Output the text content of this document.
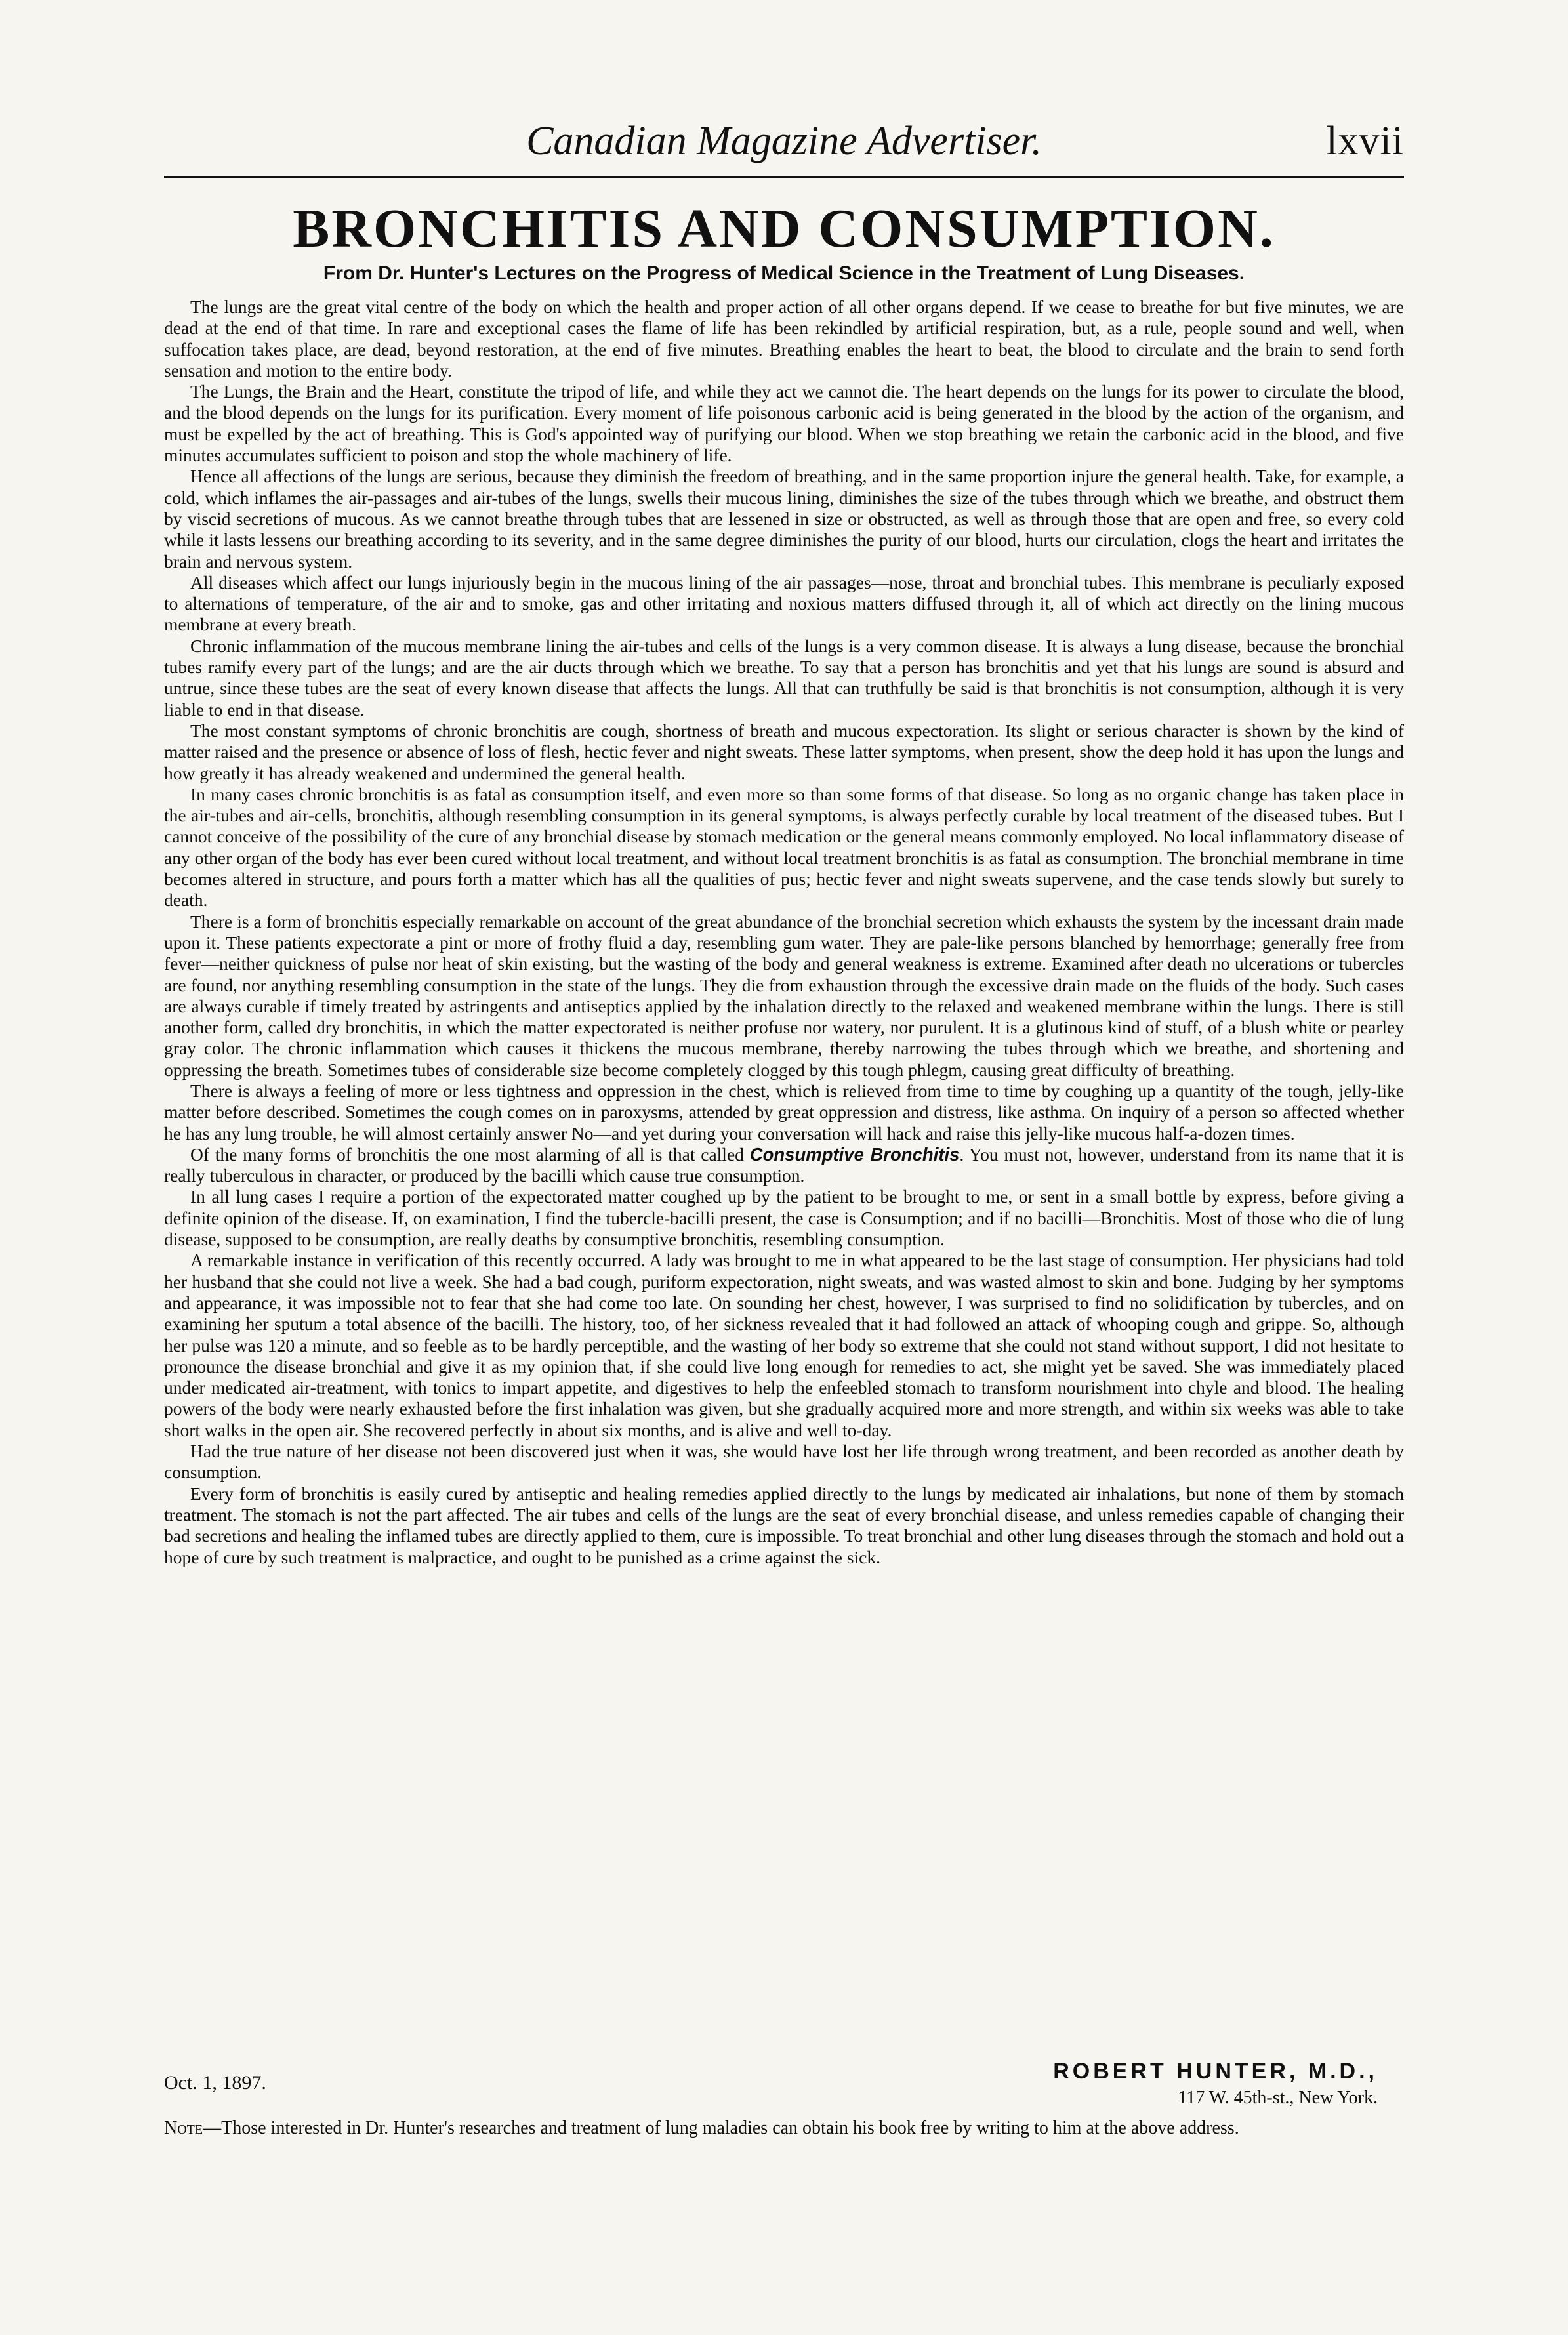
Canadian Magazine Advertiser.	lxvii
BRONCHITIS AND CONSUMPTION.
From Dr. Hunter's Lectures on the Progress of Medical Science in the Treatment of Lung Diseases.

The lungs are the great vital centre of the body on which the health and proper action of all other organs depend. If we cease to breathe for but five minutes, we are dead at the end of that time. In rare and exceptional cases the flame of life has been rekindled by artificial respiration, but, as a rule, people sound and well, when suffocation takes place, are dead, beyond restoration, at the end of five minutes. Breathing enables the heart to beat, the blood to circulate and the brain to send forth sensation and motion to the entire body.

The Lungs, the Brain and the Heart, constitute the tripod of life, and while they act we cannot die. The heart depends on the lungs for its power to circulate the blood, and the blood depends on the lungs for its purification. Every moment of life poisonous carbonic acid is being generated in the blood by the action of the organism, and must be expelled by the act of breathing. This is God's appointed way of purifying our blood. When we stop breathing we retain the carbonic acid in the blood, and five minutes accumulates sufficient to poison and stop the whole machinery of life.

Hence all affections of the lungs are serious, because they diminish the freedom of breathing, and in the same proportion injure the general health. Take, for example, a cold, which inflames the air-passages and air-tubes of the lungs, swells their mucous lining, diminishes the size of the tubes through which we breathe, and obstruct them by viscid secretions of mucous. As we cannot breathe through tubes that are lessened in size or obstructed, as well as through those that are open and free, so every cold while it lasts lessens our breathing according to its severity, and in the same degree diminishes the purity of our blood, hurts our circulation, clogs the heart and irritates the brain and nervous system.

All diseases which affect our lungs injuriously begin in the mucous lining of the air passages—nose, throat and bronchial tubes. This membrane is peculiarly exposed to alternations of temperature, of the air and to smoke, gas and other irritating and noxious matters diffused through it, all of which act directly on the lining mucous membrane at every breath.

Chronic inflammation of the mucous membrane lining the air-tubes and cells of the lungs is a very common disease. It is always a lung disease, because the bronchial tubes ramify every part of the lungs; and are the air ducts through which we breathe. To say that a person has bronchitis and yet that his lungs are sound is absurd and untrue, since these tubes are the seat of every known disease that affects the lungs. All that can truthfully be said is that bronchitis is not consumption, although it is very liable to end in that disease.

The most constant symptoms of chronic bronchitis are cough, shortness of breath and mucous expectoration. Its slight or serious character is shown by the kind of matter raised and the presence or absence of loss of flesh, hectic fever and night sweats. These latter symptoms, when present, show the deep hold it has upon the lungs and how greatly it has already weakened and undermined the general health.

In many cases chronic bronchitis is as fatal as consumption itself, and even more so than some forms of that disease. So long as no organic change has taken place in the air-tubes and air-cells, bronchitis, although resembling consumption in its general symptoms, is always perfectly curable by local treatment of the diseased tubes. But I cannot conceive of the possibility of the cure of any bronchial disease by stomach medication or the general means commonly employed. No local inflammatory disease of any other organ of the body has ever been cured without local treatment, and without local treatment bronchitis is as fatal as consumption. The bronchial membrane in time becomes altered in structure, and pours forth a matter which has all the qualities of pus; hectic fever and night sweats supervene, and the case tends slowly but surely to death.

There is a form of bronchitis especially remarkable on account of the great abundance of the bronchial secretion which exhausts the system by the incessant drain made upon it. These patients expectorate a pint or more of frothy fluid a day, resembling gum water. They are pale-like persons blanched by hemorrhage; generally free from fever—neither quickness of pulse nor heat of skin existing, but the wasting of the body and general weakness is extreme. Examined after death no ulcerations or tubercles are found, nor anything resembling consumption in the state of the lungs. They die from exhaustion through the excessive drain made on the fluids of the body. Such cases are always curable if timely treated by astringents and antiseptics applied by the inhalation directly to the relaxed and weakened membrane within the lungs. There is still another form, called dry bronchitis, in which the matter expectorated is neither profuse nor watery, nor purulent. It is a glutinous kind of stuff, of a blush white or pearley gray color. The chronic inflammation which causes it thickens the mucous membrane, thereby narrowing the tubes through which we breathe, and shortening and oppressing the breath. Sometimes tubes of considerable size become completely clogged by this tough phlegm, causing great difficulty of breathing.

There is always a feeling of more or less tightness and oppression in the chest, which is relieved from time to time by coughing up a quantity of the tough, jelly-like matter before described. Sometimes the cough comes on in paroxysms, attended by great oppression and distress, like asthma. On inquiry of a person so affected whether he has any lung trouble, he will almost certainly answer No—and yet during your conversation will hack and raise this jelly-like mucous half-a-dozen times.

Of the many forms of bronchitis the one most alarming of all is that called Consumptive Bronchitis. You must not, however, understand from its name that it is really tuberculous in character, or produced by the bacilli which cause true consumption.

In all lung cases I require a portion of the expectorated matter coughed up by the patient to be brought to me, or sent in a small bottle by express, before giving a definite opinion of the disease. If, on examination, I find the tubercle-bacilli present, the case is Consumption; and if no bacilli—Bronchitis. Most of those who die of lung disease, supposed to be consumption, are really deaths by consumptive bronchitis, resembling consumption.

A remarkable instance in verification of this recently occurred. A lady was brought to me in what appeared to be the last stage of consumption. Her physicians had told her husband that she could not live a week. She had a bad cough, puriform expectoration, night sweats, and was wasted almost to skin and bone. Judging by her symptoms and appearance, it was impossible not to fear that she had come too late. On sounding her chest, however, I was surprised to find no solidification by tubercles, and on examining her sputum a total absence of the bacilli. The history, too, of her sickness revealed that it had followed an attack of whooping cough and grippe. So, although her pulse was 120 a minute, and so feeble as to be hardly perceptible, and the wasting of her body so extreme that she could not stand without support, I did not hesitate to pronounce the disease bronchial and give it as my opinion that, if she could live long enough for remedies to act, she might yet be saved. She was immediately placed under medicated air-treatment, with tonics to impart appetite, and digestives to help the enfeebled stomach to transform nourishment into chyle and blood. The healing powers of the body were nearly exhausted before the first inhalation was given, but she gradually acquired more and more strength, and within six weeks was able to take short walks in the open air. She recovered perfectly in about six months, and is alive and well to-day.

Had the true nature of her disease not been discovered just when it was, she would have lost her life through wrong treatment, and been recorded as another death by consumption.

Every form of bronchitis is easily cured by antiseptic and healing remedies applied directly to the lungs by medicated air inhalations, but none of them by stomach treatment. The stomach is not the part affected. The air tubes and cells of the lungs are the seat of every bronchial disease, and unless remedies capable of changing their bad secretions and healing the inflamed tubes are directly applied to them, cure is impossible. To treat bronchial and other lung diseases through the stomach and hold out a hope of cure by such treatment is malpractice, and ought to be punished as a crime against the sick.

Oct. 1, 1897.	ROBERT HUNTER, M.D.,
117 W. 45th-st., New York.
Note—Those interested in Dr. Hunter's researches and treatment of lung maladies can obtain his book free by writing to him at the above address.
